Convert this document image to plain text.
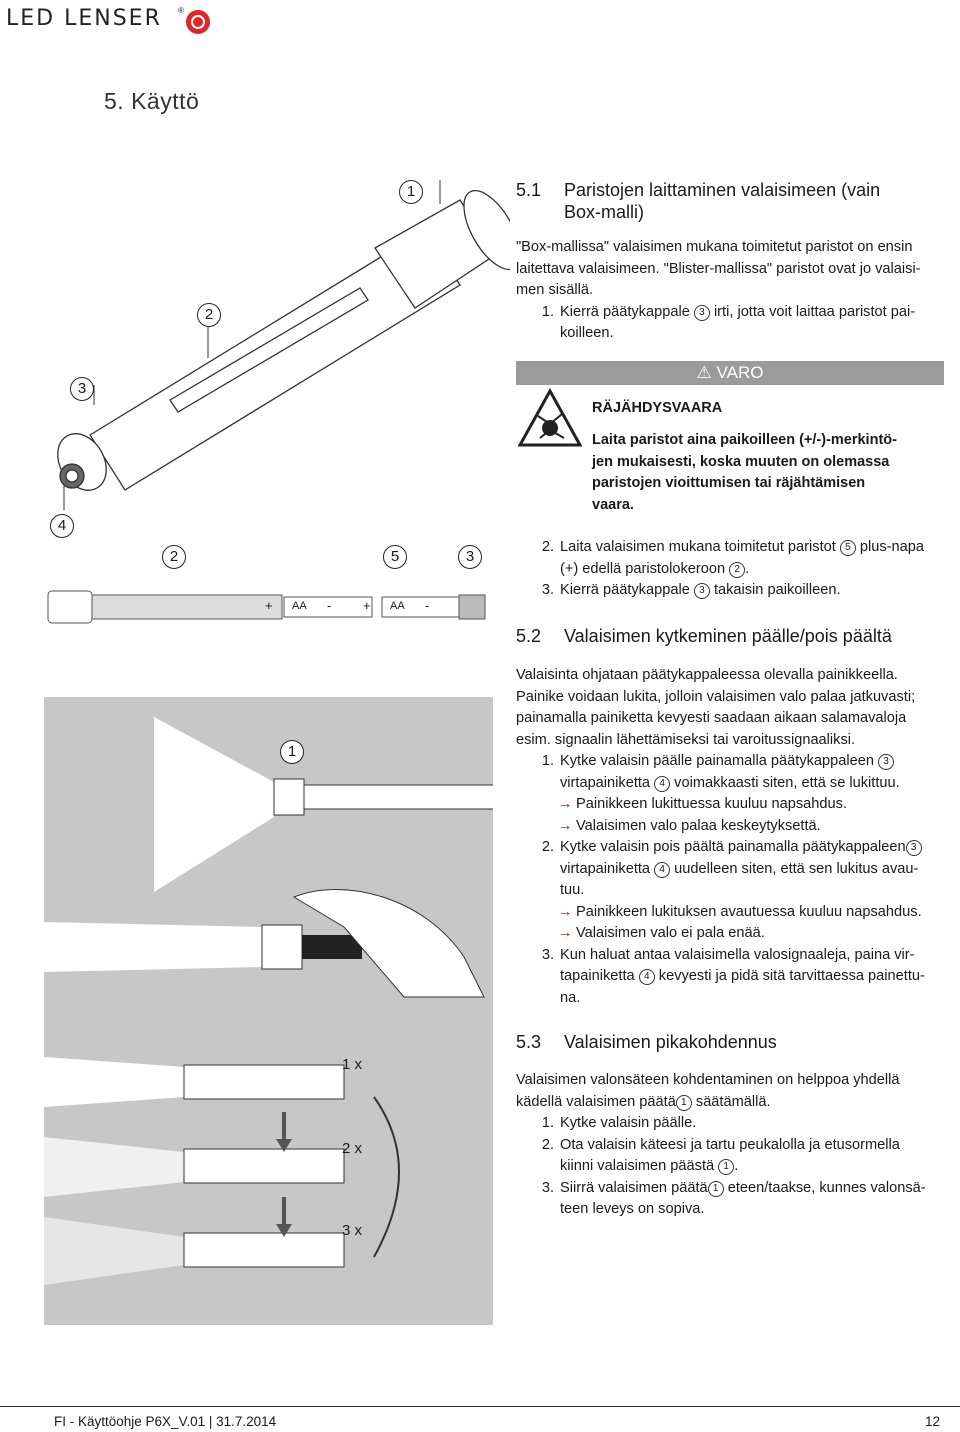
LED LENSER ®
5. Käyttö
1
2
3
4
2	5	3
+ AA - + AA -
1
1 x
2 x
3 x
5.1 Paristojen laittaminen valaisimeen (vain
Box-malli)

"Box-mallissa" valaisimen mukana toimitetut paristot on ensin

laitettava valaisimeen. "Blister-mallissa" paristot ovat jo valaisi-

men sisällä.

1. Kierrä päätykappale 3 irti, jotta voit laittaa paristot pai-
koilleen.
⚠ VARO
RÄJÄHDYSVAARA
Laita paristot aina paikoilleen (+/-)-merkintö-
jen mukaisesti, koska muuten on olemassa
paristojen vioittumisen tai räjähtämisen
vaara.
2. Laita valaisimen mukana toimitetut paristot 5 plus-napa
(+) edellä paristolokeroon 2 .
3. Kierrä päätykappale 3 takaisin paikoilleen.
5.2 Valaisimen kytkeminen päälle/pois päältä

Valaisinta ohjataan päätykappaleessa olevalla painikkeella.

Painike voidaan lukita, jolloin valaisimen valo palaa jatkuvasti;

painamalla painiketta kevyesti saadaan aikaan salamavaloja

esim. signaalin lähettämiseksi tai varoitussignaaliksi.

1. Kytke valaisin päälle painamalla päätykappaleen 3
virtapainiketta 4 voimakkaasti siten, että se lukittuu.
→ Painikkeen lukittuessa kuuluu napsahdus.
→ Valaisimen valo palaa keskeytyksettä.
2. Kytke valaisin pois päältä painamalla päätykappaleen 3
virtapainiketta 4 uudelleen siten, että sen lukitus avau-
tuu.
→ Painikkeen lukituksen avautuessa kuuluu napsahdus.
→ Valaisimen valo ei pala enää.
3. Kun haluat antaa valaisimella valosignaaleja, paina vir-
tapainiketta 4 kevyesti ja pidä sitä tarvittaessa painettu-
na.
5.3 Valaisimen pikakohdennus

Valaisimen valonsäteen kohdentaminen on helppoa yhdellä

kädellä valaisimen päätä 1 säätämällä.

1. Kytke valaisin päälle.
2. Ota valaisin käteesi ja tartu peukalolla ja etusormella
kiinni valaisimen päästä 1 .
3. Siirrä valaisimen päätä 1 eteen/taakse, kunnes valonsä-
teen leveys on sopiva.
FI - Käyttöohje P6X_V.01 | 31.7.2014	12
